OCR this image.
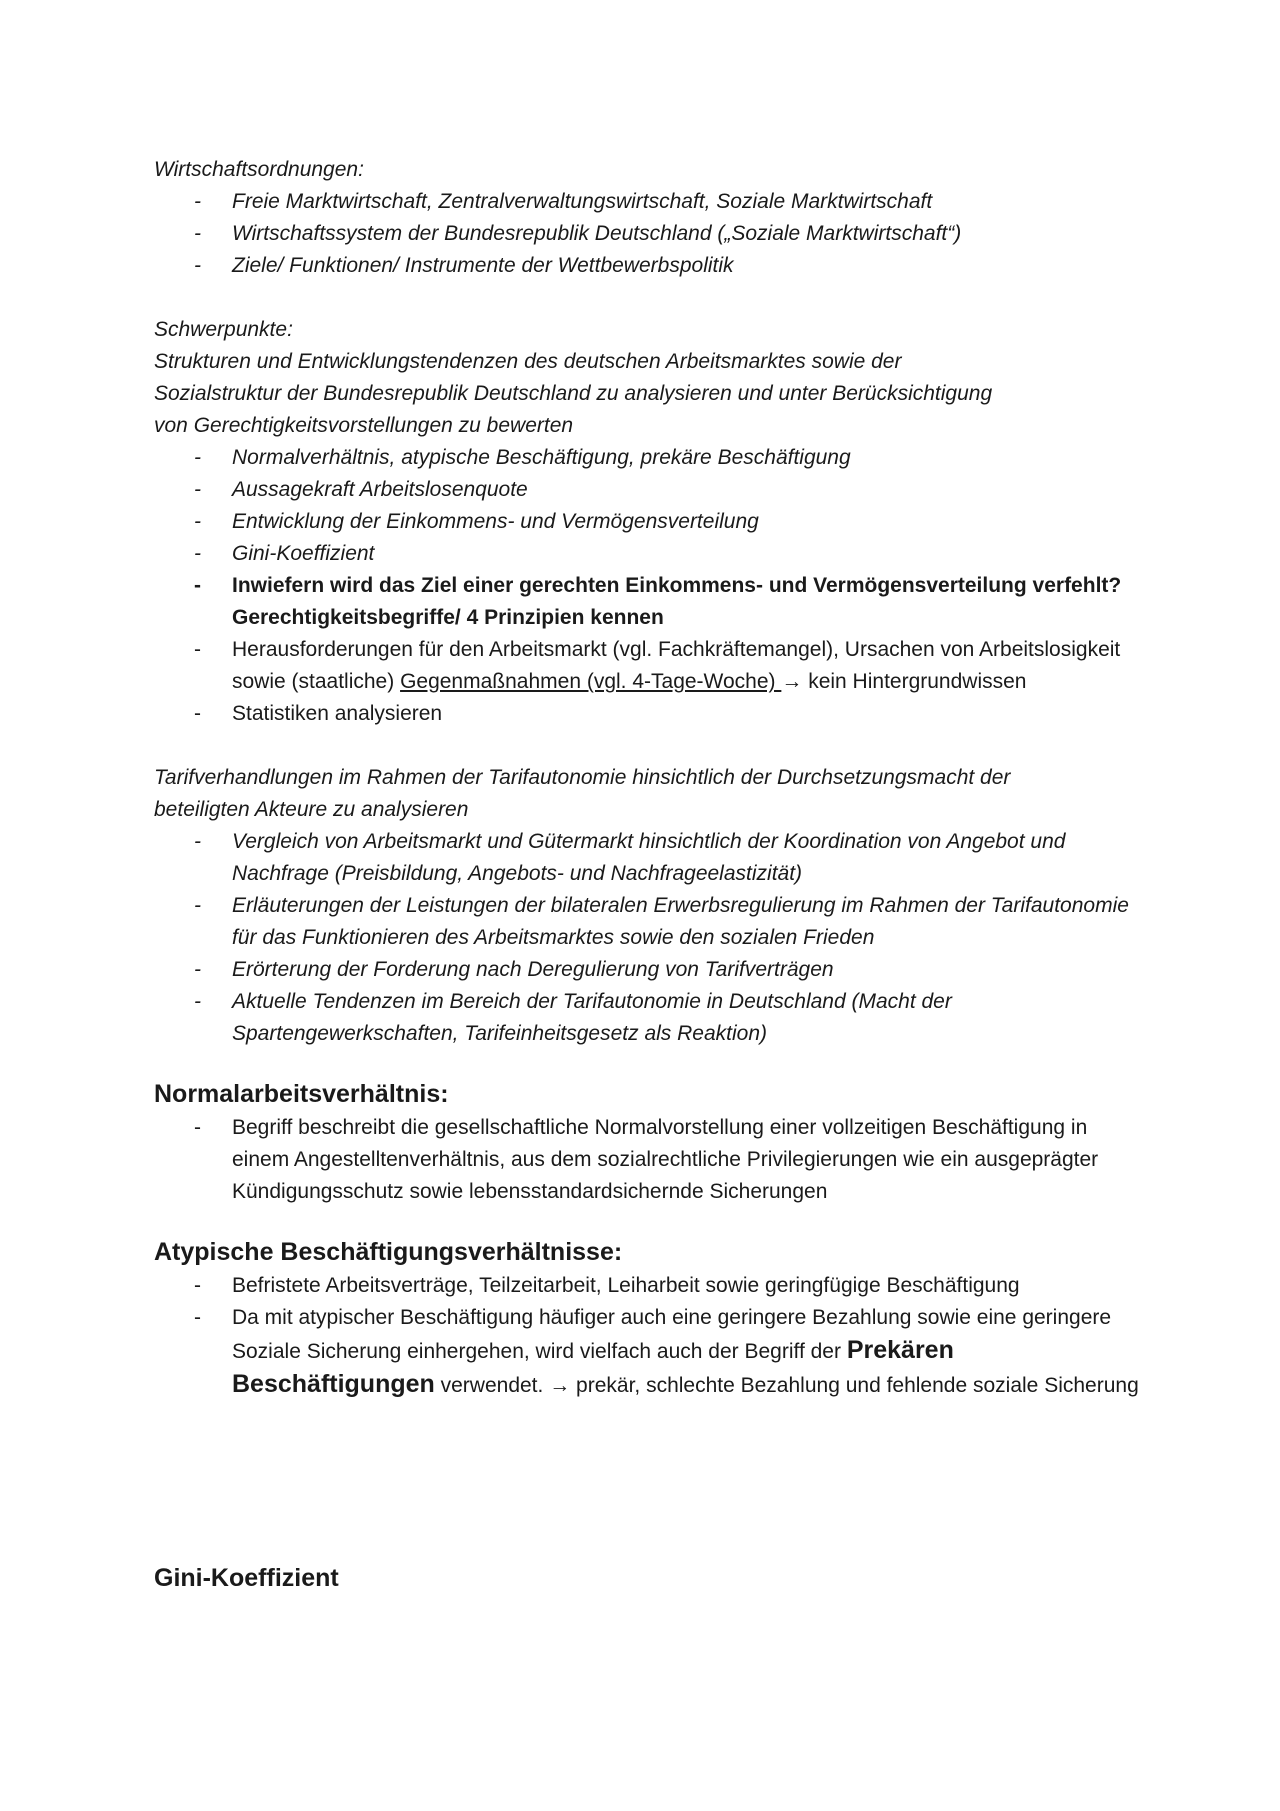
Wirtschaftsordnungen:

- Freie Marktwirtschaft, Zentralverwaltungswirtschaft, Soziale Marktwirtschaft
- Wirtschaftssystem der Bundesrepublik Deutschland („Soziale Marktwirtschaft“)
- Ziele/ Funktionen/ Instrumente der Wettbewerbspolitik

Schwerpunkte:

Strukturen und Entwicklungstendenzen des deutschen Arbeitsmarktes sowie der

Sozialstruktur der Bundesrepublik Deutschland zu analysieren und unter Berücksichtigung

von Gerechtigkeitsvorstellungen zu bewerten

- Normalverhältnis, atypische Beschäftigung, prekäre Beschäftigung
- Aussagekraft Arbeitslosenquote
- Entwicklung der Einkommens- und Vermögensverteilung
- Gini-Koeffizient
- Inwiefern wird das Ziel einer gerechten Einkommens- und Vermögensverteilung verfehlt? Gerechtigkeitsbegriffe/ 4 Prinzipien kennen
- Herausforderungen für den Arbeitsmarkt (vgl. Fachkräftemangel), Ursachen von Arbeitslosigkeit sowie (staatliche) Gegenmaßnahmen (vgl. 4-Tage-Woche) → kein Hintergrundwissen
- Statistiken analysieren

Tarifverhandlungen im Rahmen der Tarifautonomie hinsichtlich der Durchsetzungsmacht der

beteiligten Akteure zu analysieren

- Vergleich von Arbeitsmarkt und Gütermarkt hinsichtlich der Koordination von Angebot und Nachfrage (Preisbildung, Angebots- und Nachfrageelastizität)
- Erläuterungen der Leistungen der bilateralen Erwerbsregulierung im Rahmen der Tarifautonomie für das Funktionieren des Arbeitsmarktes sowie den sozialen Frieden
- Erörterung der Forderung nach Deregulierung von Tarifverträgen
- Aktuelle Tendenzen im Bereich der Tarifautonomie in Deutschland (Macht der Spartengewerkschaften, Tarifeinheitsgesetz als Reaktion)
Normalarbeitsverhältnis:
- Begriff beschreibt die gesellschaftliche Normalvorstellung einer vollzeitigen Beschäftigung in einem Angestelltenverhältnis, aus dem sozialrechtliche Privilegierungen wie ein ausgeprägter Kündigungsschutz sowie lebensstandardsichernde Sicherungen
Atypische Beschäftigungsverhältnisse:
- Befristete Arbeitsverträge, Teilzeitarbeit, Leiharbeit sowie geringfügige Beschäftigung
- Da mit atypischer Beschäftigung häufiger auch eine geringere Bezahlung sowie eine geringere Soziale Sicherung einhergehen, wird vielfach auch der Begriff der Prekären Beschäftigungen verwendet. → prekär, schlechte Bezahlung und fehlende soziale Sicherung
Gini-Koeffizient
